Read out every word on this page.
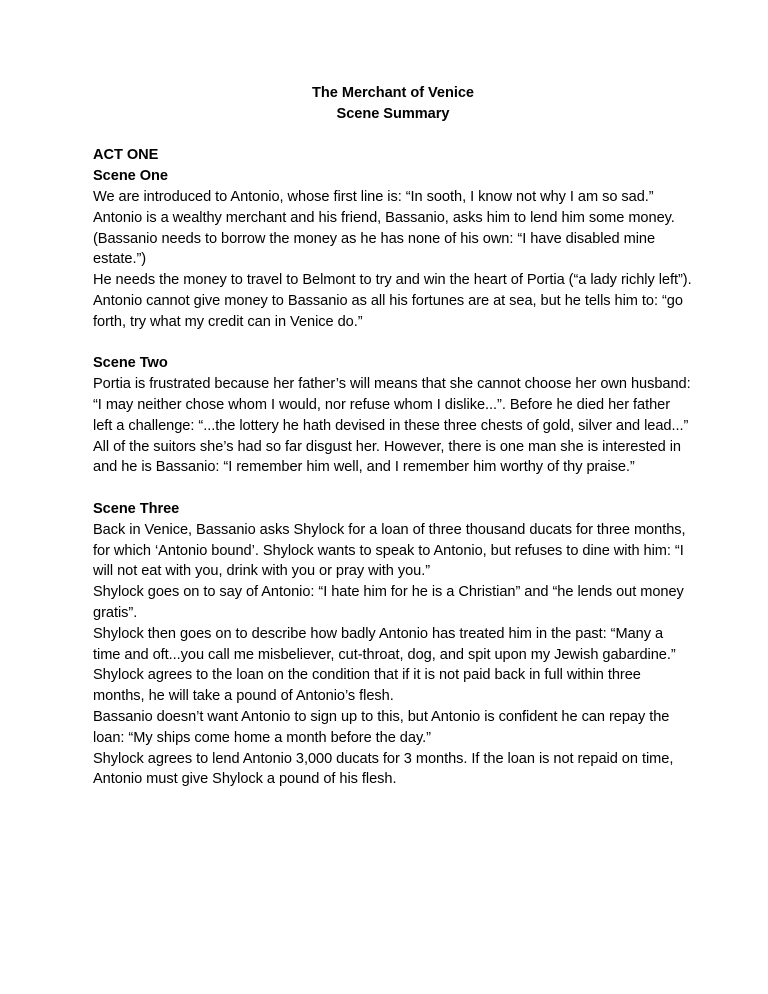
The Merchant of Venice
Scene Summary
ACT ONE
Scene One

We are introduced to Antonio, whose first line is: “In sooth, I know not why I am so sad.”

Antonio is a wealthy merchant and his friend, Bassanio, asks him to lend him some money. (Bassanio needs to borrow the money as he has none of his own: “I have disabled mine estate.”)

He needs the money to travel to Belmont to try and win the heart of Portia (“a lady richly left”).

Antonio cannot give money to Bassanio as all his fortunes are at sea, but he tells him to: “go forth, try what my credit can in Venice do.”

Scene Two

Portia is frustrated because her father’s will means that she cannot choose her own husband: “I may neither chose whom I would, nor refuse whom I dislike...”. Before he died her father left a challenge: “...the lottery he hath devised in these three chests of gold, silver and lead...”

All of the suitors she’s had so far disgust her. However, there is one man she is interested in and he is Bassanio: “I remember him well, and I remember him worthy of thy praise.”

Scene Three

Back in Venice, Bassanio asks Shylock for a loan of three thousand ducats for three months, for which ‘Antonio bound’. Shylock wants to speak to Antonio, but refuses to dine with him: “I will not eat with you, drink with you or pray with you.”

Shylock goes on to say of Antonio: “I hate him for he is a Christian” and “he lends out money gratis”.

Shylock then goes on to describe how badly Antonio has treated him in the past: “Many a time and oft...you call me misbeliever, cut-throat, dog, and spit upon my Jewish gabardine.”

Shylock agrees to the loan on the condition that if it is not paid back in full within three months, he will take a pound of Antonio’s flesh.

Bassanio doesn’t want Antonio to sign up to this, but Antonio is confident he can repay the loan: “My ships come home a month before the day.”

Shylock agrees to lend Antonio 3,000 ducats for 3 months. If the loan is not repaid on time, Antonio must give Shylock a pound of his flesh.
